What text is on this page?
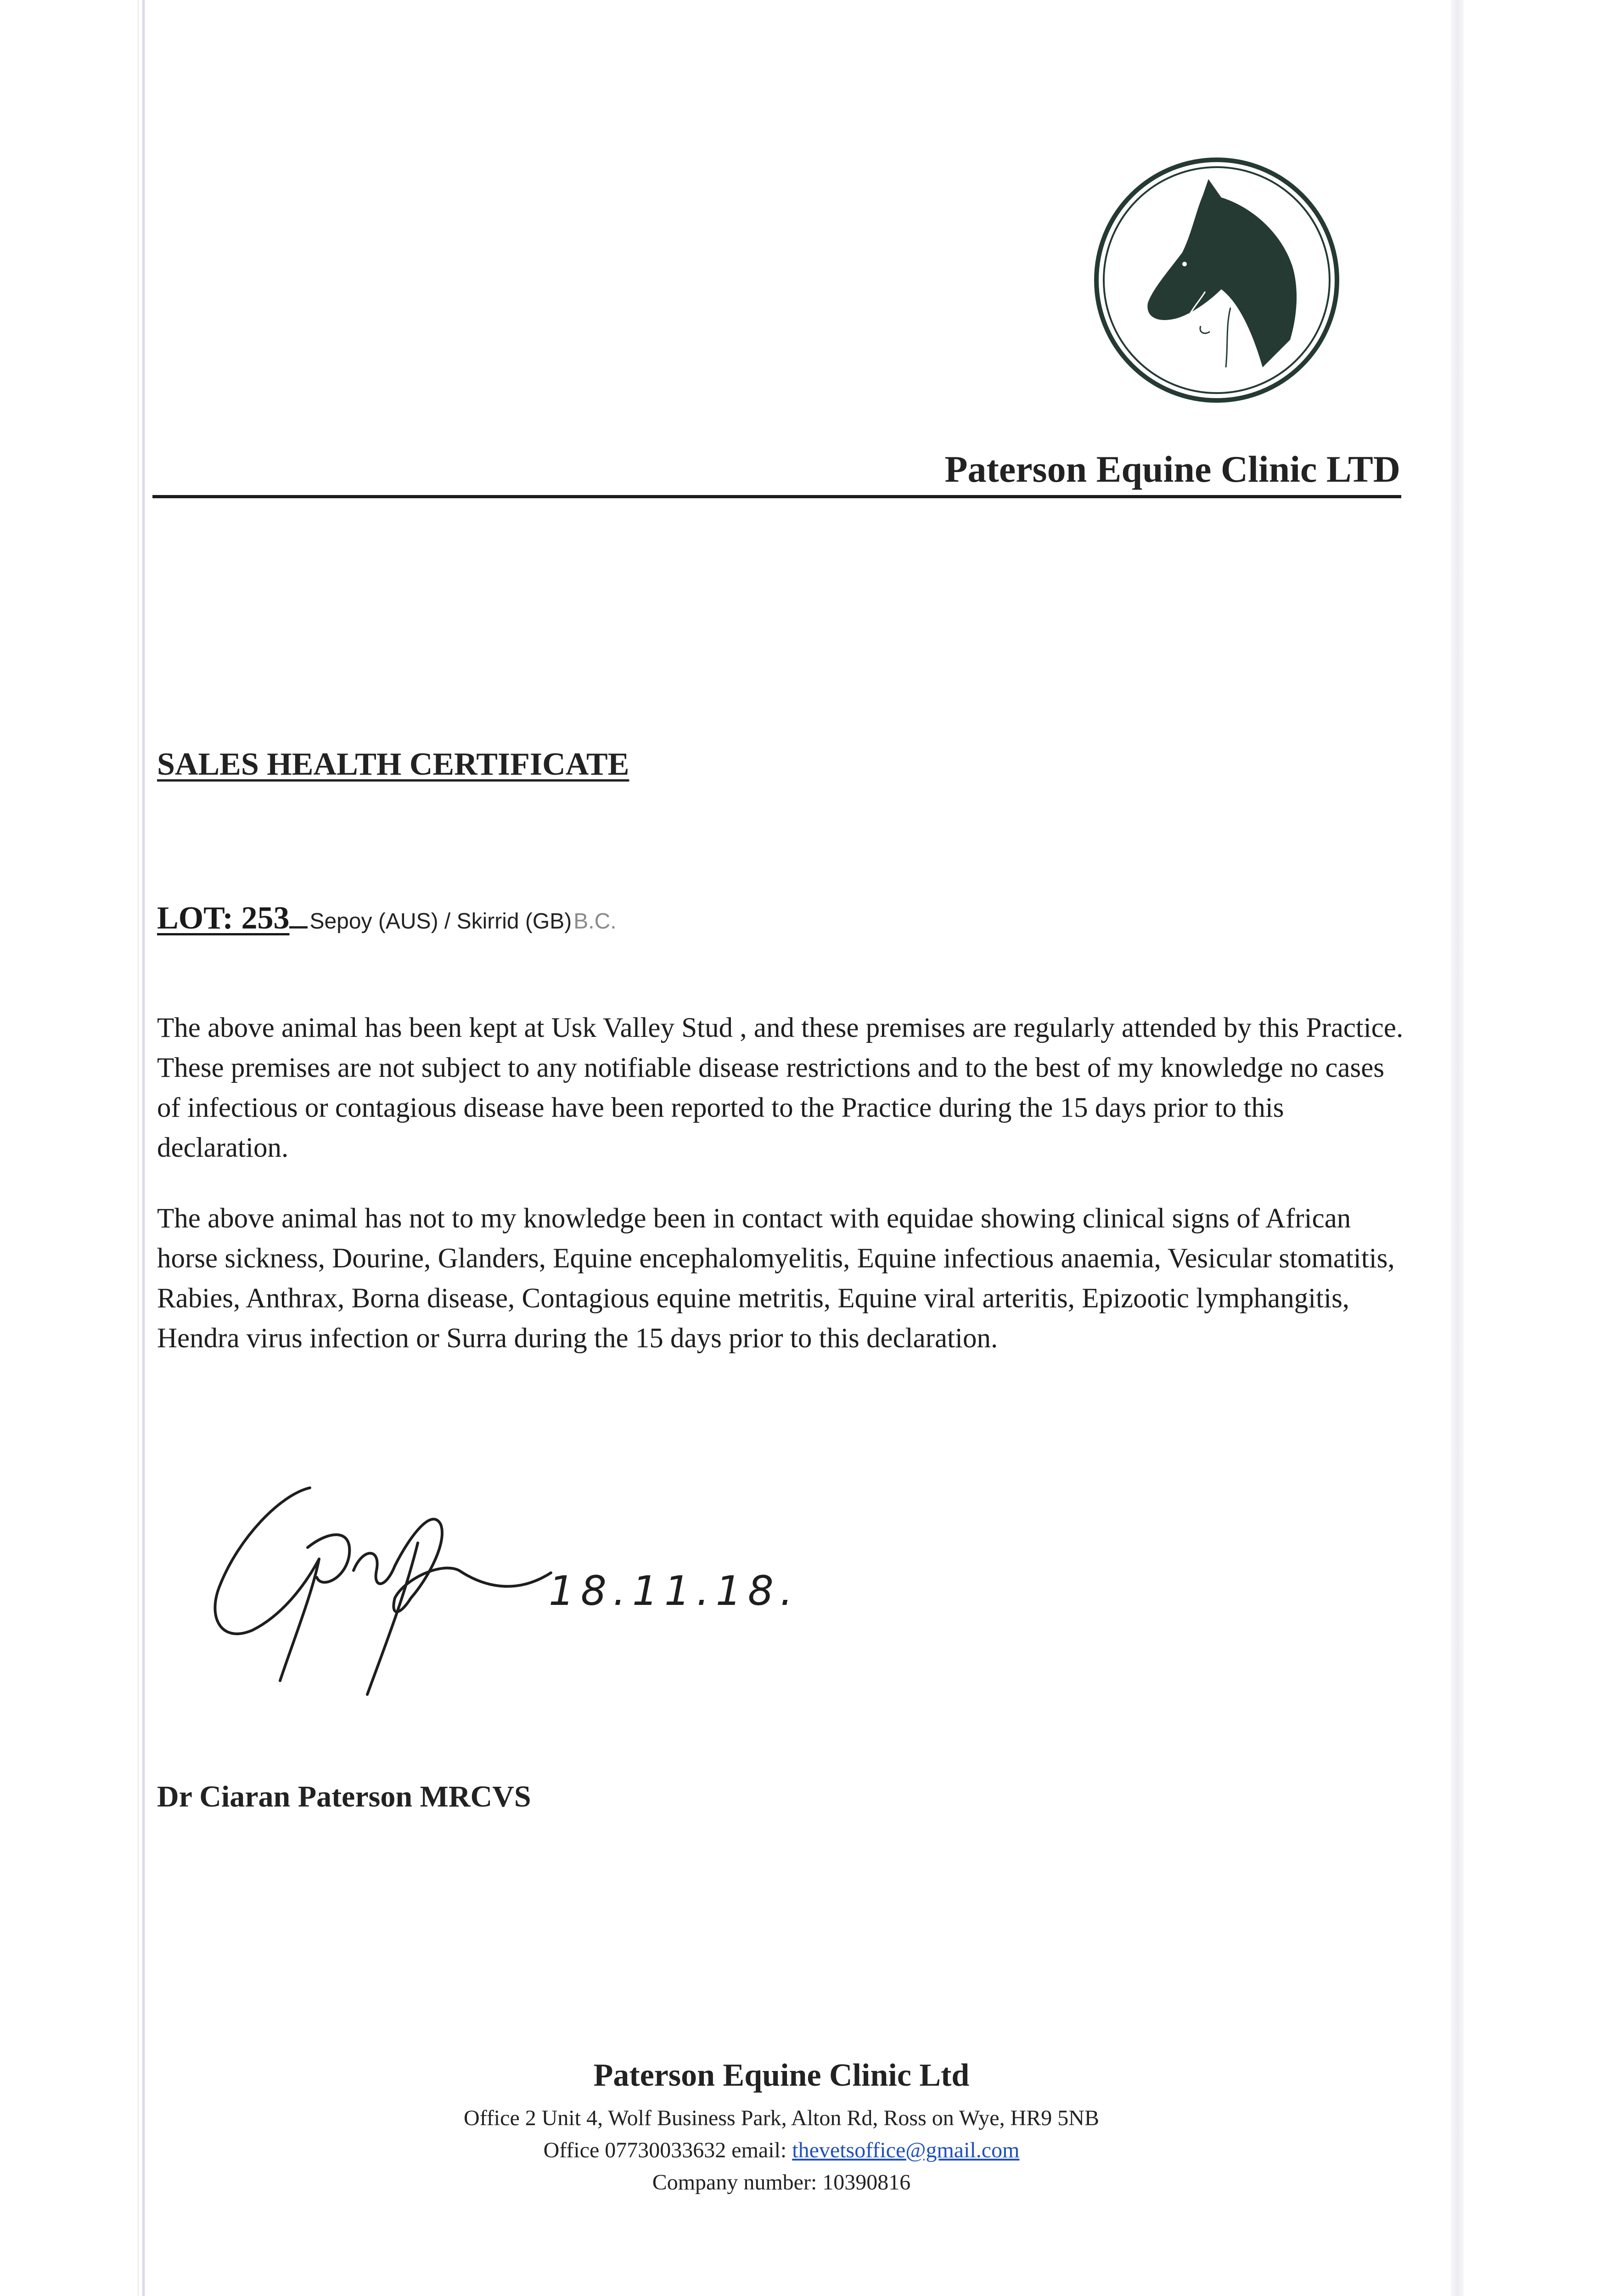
Paterson Equine Clinic LTD
SALES HEALTH CERTIFICATE
LOT: 253 Sepoy (AUS) / Skirrid (GB) B.C.
The above animal has been kept at Usk Valley Stud , and these premises are regularly attended by this Practice. These premises are not subject to any notifiable disease restrictions and to the best of my knowledge no cases of infectious or contagious disease have been reported to the Practice during the 15 days prior to this declaration.
The above animal has not to my knowledge been in contact with equidae showing clinical signs of African horse sickness, Dourine, Glanders, Equine encephalomyelitis, Equine infectious anaemia, Vesicular stomatitis, Rabies, Anthrax, Borna disease, Contagious equine metritis, Equine viral arteritis, Epizootic lymphangitis, Hendra virus infection or Surra during the 15 days prior to this declaration.
18.11.18.
Dr Ciaran Paterson MRCVS
Paterson Equine Clinic Ltd
Office 2 Unit 4, Wolf Business Park, Alton Rd, Ross on Wye, HR9 5NB
Office 07730033632 email: thevetsoffice@gmail.com
Company number: 10390816
